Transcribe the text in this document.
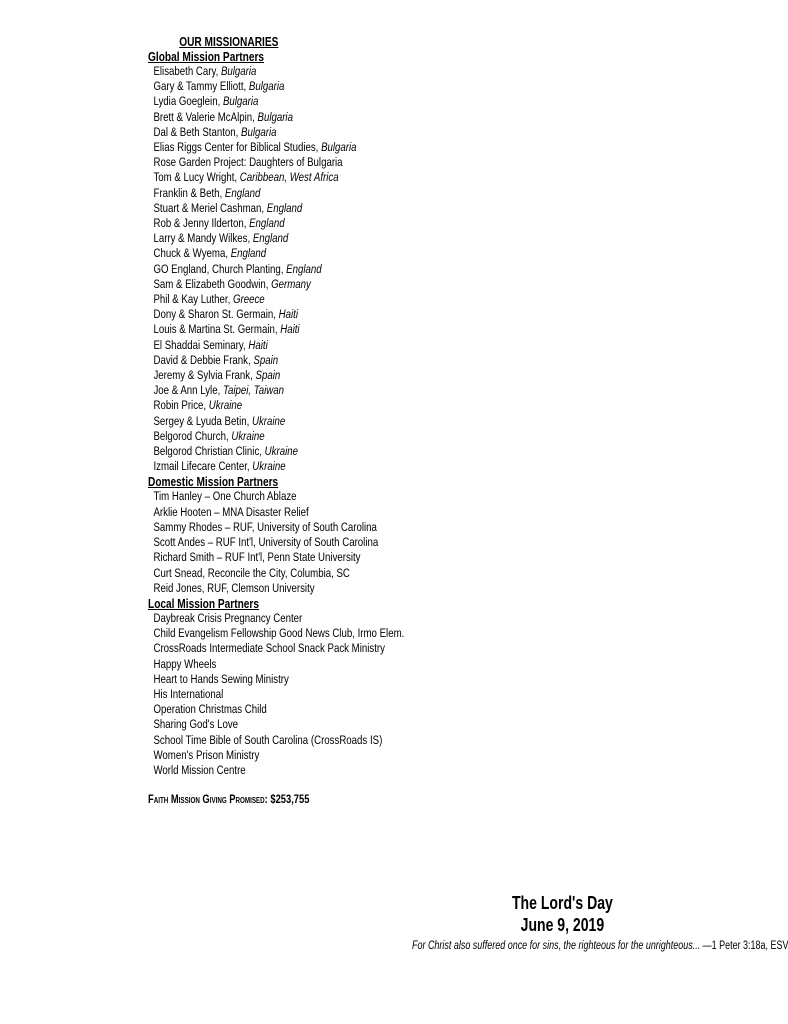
OUR MISSIONARIES
Global Mission Partners
Elisabeth Cary, Bulgaria
Gary & Tammy Elliott, Bulgaria
Lydia Goeglein, Bulgaria
Brett & Valerie McAlpin, Bulgaria
Dal & Beth Stanton, Bulgaria
Elias Riggs Center for Biblical Studies, Bulgaria
Rose Garden Project: Daughters of Bulgaria
Tom & Lucy Wright, Caribbean, West Africa
Franklin & Beth, England
Stuart & Meriel Cashman, England
Rob & Jenny Ilderton, England
Larry & Mandy Wilkes, England
Chuck & Wyema, England
GO England, Church Planting, England
Sam & Elizabeth Goodwin, Germany
Phil & Kay Luther, Greece
Dony & Sharon St. Germain, Haiti
Louis & Martina St. Germain, Haiti
El Shaddai Seminary, Haiti
David & Debbie Frank, Spain
Jeremy & Sylvia Frank, Spain
Joe & Ann Lyle, Taipei, Taiwan
Robin Price, Ukraine
Sergey & Lyuda Betin, Ukraine
Belgorod Church, Ukraine
Belgorod Christian Clinic, Ukraine
Izmail Lifecare Center, Ukraine
Domestic Mission Partners
Tim Hanley – One Church Ablaze
Arklie Hooten – MNA Disaster Relief
Sammy Rhodes – RUF, University of South Carolina
Scott Andes – RUF Int'l, University of South Carolina
Richard Smith – RUF Int'l, Penn State University
Curt Snead, Reconcile the City, Columbia, SC
Reid Jones, RUF, Clemson University
Local Mission Partners
Daybreak Crisis Pregnancy Center
Child Evangelism Fellowship Good News Club, Irmo Elem.
CrossRoads Intermediate School Snack Pack Ministry
Happy Wheels
Heart to Hands Sewing Ministry
His International
Operation Christmas Child
Sharing God's Love
School Time Bible of South Carolina (CrossRoads IS)
Women's Prison Ministry
World Mission Centre
Faith Mission Giving Promised: $253,755
The Lord's Day
June 9, 2019
For Christ also suffered once for sins, the righteous for the unrighteous... —1 Peter 3:18a, ESV
